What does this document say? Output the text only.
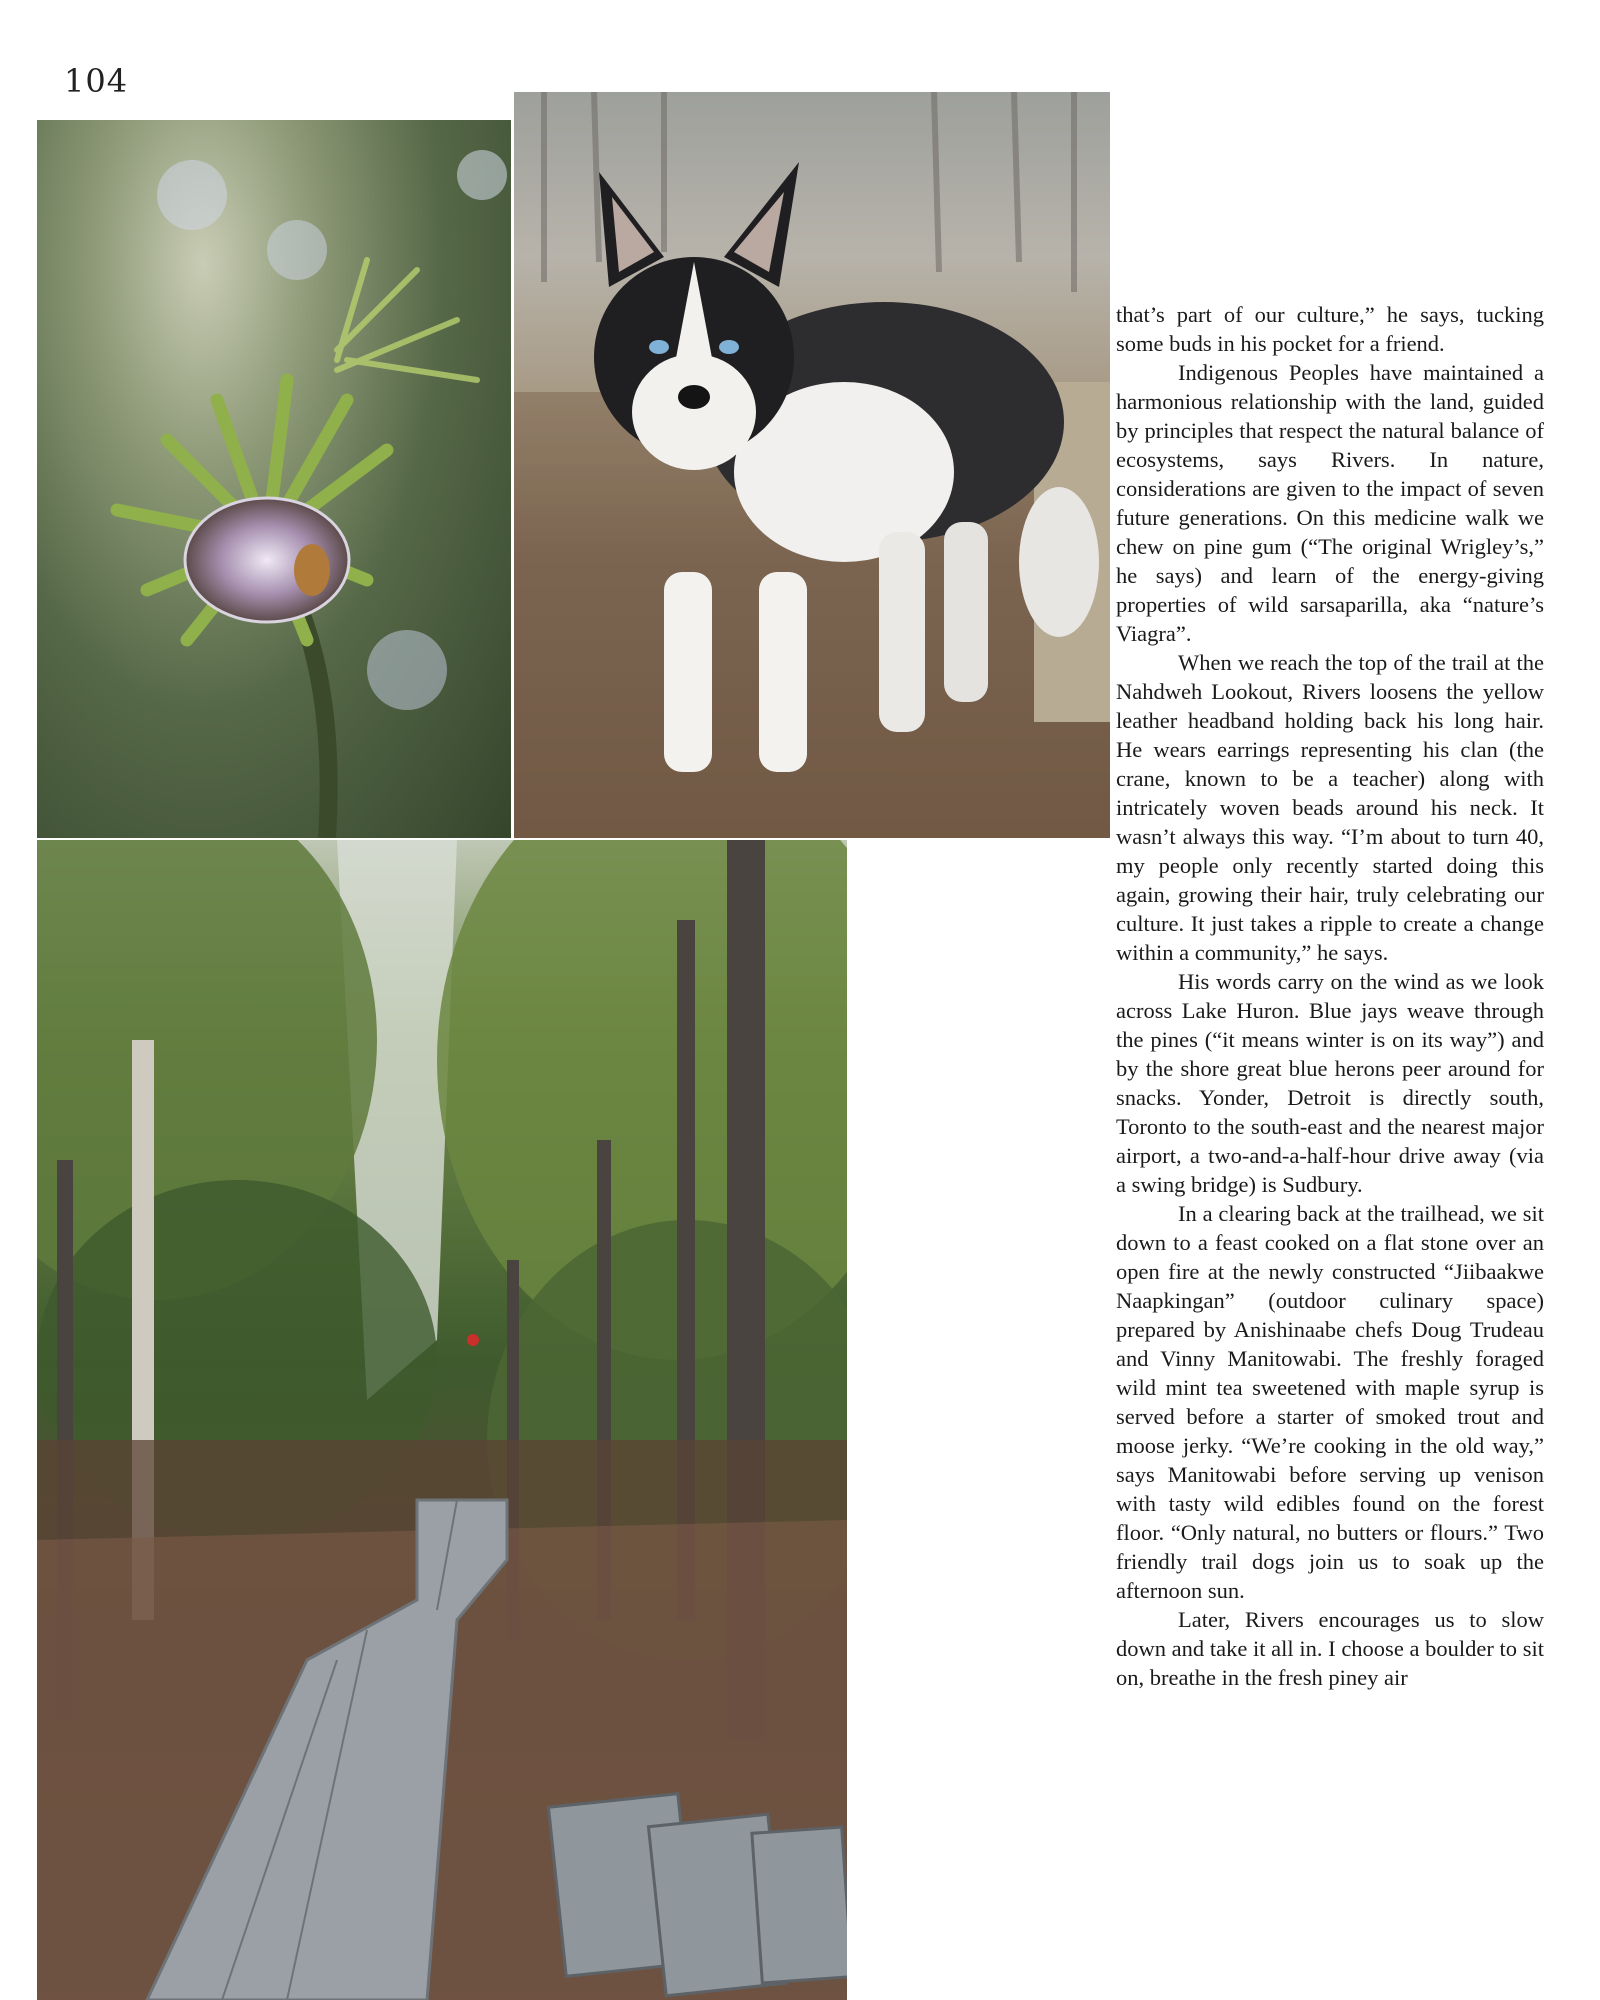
104

that’s part of our culture,” he says, tucking some buds in his pocket for a friend.

Indigenous Peoples have maintained a harmonious relationship with the land, guided by principles that respect the natural balance of ecosystems, says Rivers. In nature, considerations are given to the impact of seven future generations. On this medicine walk we chew on pine gum (“The original Wrigley’s,” he says) and learn of the energy-giving properties of wild sarsaparilla, aka “nature’s Viagra”.

When we reach the top of the trail at the Nahdweh Lookout, Rivers loosens the yellow leather headband holding back his long hair. He wears earrings representing his clan (the crane, known to be a teacher) along with intricately woven beads around his neck. It wasn’t always this way. “I’m about to turn 40, my people only recently started doing this again, growing their hair, truly celebrating our culture. It just takes a ripple to create a change within a community,” he says.

His words carry on the wind as we look across Lake Huron. Blue jays weave through the pines (“it means winter is on its way”) and by the shore great blue herons peer around for snacks. Yonder, Detroit is directly south, Toronto to the south-east and the nearest major airport, a two-and-a-half-hour drive away (via a swing bridge) is Sudbury.

In a clearing back at the trailhead, we sit down to a feast cooked on a flat stone over an open fire at the newly constructed “Jiibaakwe Naapkingan” (outdoor culinary space) prepared by Anishinaabe chefs Doug Trudeau and Vinny Manitowabi. The freshly foraged wild mint tea sweetened with maple syrup is served before a starter of smoked trout and moose jerky. “We’re cooking in the old way,” says Manitowabi before serving up venison with tasty wild edibles found on the forest floor. “Only natural, no butters or flours.” Two friendly trail dogs join us to soak up the afternoon sun.

Later, Rivers encourages us to slow down and take it all in. I choose a boulder to sit on, breathe in the fresh piney air
